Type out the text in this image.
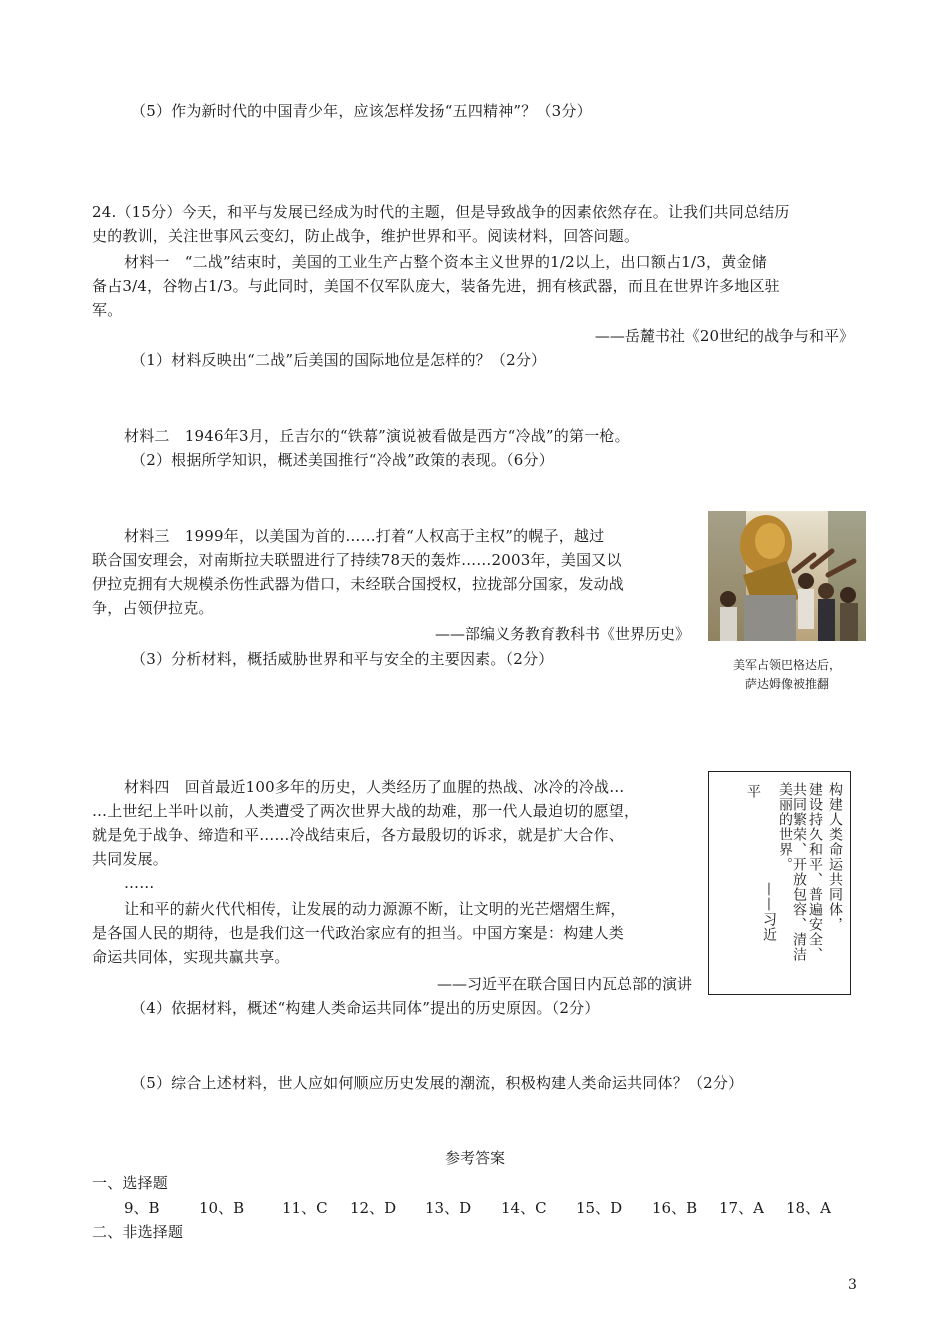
（5）作为新时代的中国青少年，应该怎样发扬“五四精神”？（3分）
24.（15分）今天，和平与发展已经成为时代的主题，但是导致战争的因素依然存在。让我们共同总结历
史的教训，关注世事风云变幻，防止战争，维护世界和平。阅读材料，回答问题。
材料一　“二战”结束时，美国的工业生产占整个资本主义世界的1/2以上，出口额占1/3，黄金储
备占3/4，谷物占1/3。与此同时，美国不仅军队庞大，装备先进，拥有核武器，而且在世界许多地区驻
军。
——岳麓书社《20世纪的战争与和平》
（1）材料反映出“二战”后美国的国际地位是怎样的？（2分）
材料二　1946年3月，丘吉尔的“铁幕”演说被看做是西方“冷战”的第一枪。
（2）根据所学知识，概述美国推行“冷战”政策的表现。（6分）
材料三　1999年，以美国为首的……打着“人权高于主权”的幌子，越过
联合国安理会，对南斯拉夫联盟进行了持续78天的轰炸……2003年，美国又以
伊拉克拥有大规模杀伤性武器为借口，未经联合国授权，拉拢部分国家，发动战
争，占领伊拉克。
——部编义务教育教科书《世界历史》
（3）分析材料，概括威胁世界和平与安全的主要因素。（2分）	美军占领巴格达后，
萨达姆像被推翻
材料四　回首最近100多年的历史，人类经历了血腥的热战、冰冷的冷战…
…上世纪上半叶以前，人类遭受了两次世界大战的劫难，那一代人最迫切的愿望，
就是免于战争、缔造和平……冷战结束后，各方最殷切的诉求，就是扩大合作、
共同发展。
……
让和平的薪火代代相传，让发展的动力源源不断，让文明的光芒熠熠生辉，
是各国人民的期待，也是我们这一代政治家应有的担当。中国方案是：构建人类
命运共同体，实现共赢共享。
——习近平在联合国日内瓦总部的演讲
构建人类命运共同体，
建设持久和平、普遍安全、
共同繁荣、开放包容、清洁
美丽的世界。
——习近
平
（4）依据材料，概述“构建人类命运共同体”提出的历史原因。（2分）
（5）综合上述材料，世人应如何顺应历史发展的潮流，积极构建人类命运共同体？（2分）
参考答案
一、选择题
9、B	10、B	11、C 12、D 13、D 14、C 15、D 16、B 17、A 18、A
二、非选择题
3
